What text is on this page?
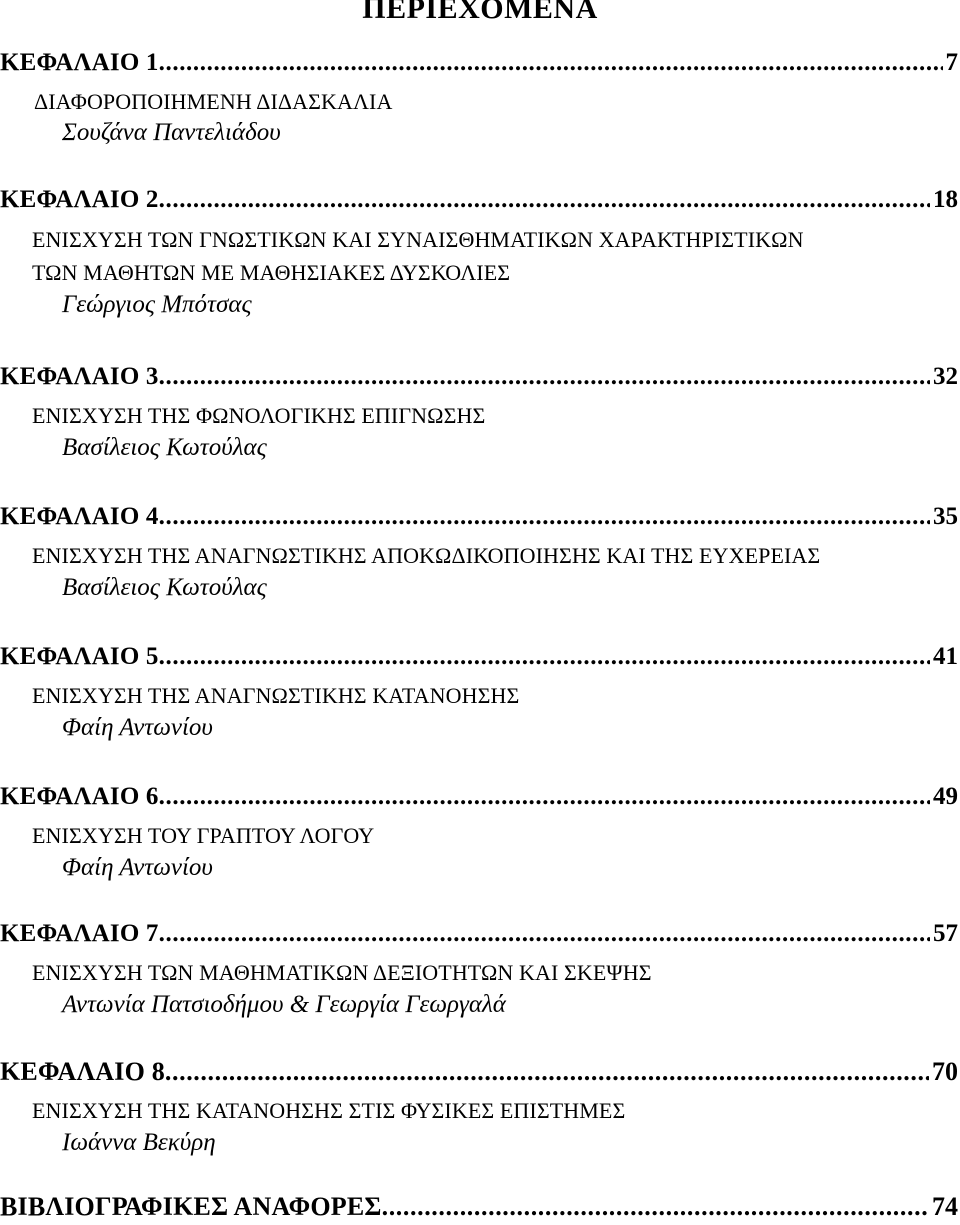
ΠΕΡΙΕΧΟΜΕΝΑ
ΚΕΦΑΛΑΙΟ 1 .....	7
ΔΙΑΦΟΡΟΠΟΙΗΜΕΝΗ ΔΙΔΑΣΚΑΛΙΑ
Σουζάνα Παντελιάδου
ΚΕΦΑΛΑΙΟ 2 .....	18
ΕΝΙΣΧΥΣΗ ΤΩΝ ΓΝΩΣΤΙΚΩΝ ΚΑΙ ΣΥΝΑΙΣΘΗΜΑΤΙΚΩΝ ΧΑΡΑΚΤΗΡΙΣΤΙΚΩΝ
ΤΩΝ ΜΑΘΗΤΩΝ ΜΕ ΜΑΘΗΣΙΑΚΕΣ ΔΥΣΚΟΛΙΕΣ
Γεώργιος Μπότσας
ΚΕΦΑΛΑΙΟ 3 .....	32
ΕΝΙΣΧΥΣΗ ΤΗΣ ΦΩΝΟΛΟΓΙΚΗΣ ΕΠΙΓΝΩΣΗΣ
Βασίλειος Κωτούλας
ΚΕΦΑΛΑΙΟ 4 .....	35
ΕΝΙΣΧΥΣΗ ΤΗΣ ΑΝΑΓΝΩΣΤΙΚΗΣ ΑΠΟΚΩΔΙΚΟΠΟΙΗΣΗΣ ΚΑΙ ΤΗΣ ΕΥΧΕΡΕΙΑΣ
Βασίλειος Κωτούλας
ΚΕΦΑΛΑΙΟ 5 .....	41
ΕΝΙΣΧΥΣΗ ΤΗΣ ΑΝΑΓΝΩΣΤΙΚΗΣ ΚΑΤΑΝΟΗΣΗΣ
Φαίη Αντωνίου
ΚΕΦΑΛΑΙΟ 6 .....	49
ΕΝΙΣΧΥΣΗ ΤΟΥ ΓΡΑΠΤΟΥ ΛΟΓΟΥ
Φαίη Αντωνίου
ΚΕΦΑΛΑΙΟ 7 .....	57
ΕΝΙΣΧΥΣΗ ΤΩΝ ΜΑΘΗΜΑΤΙΚΩΝ ΔΕΞΙΟΤΗΤΩΝ ΚΑΙ ΣΚΕΨΗΣ
Αντωνία Πατσιοδήμου & Γεωργία Γεωργαλά
ΚΕΦΑΛΑΙΟ 8 .....	70
ΕΝΙΣΧΥΣΗ ΤΗΣ ΚΑΤΑΝΟΗΣΗΣ ΣΤΙΣ ΦΥΣΙΚΕΣ ΕΠΙΣΤΗΜΕΣ
Ιωάννα Βεκύρη
ΒΙΒΛΙΟΓΡΑΦΙΚΕΣ ΑΝΑΦΟΡΕΣ .....	74
